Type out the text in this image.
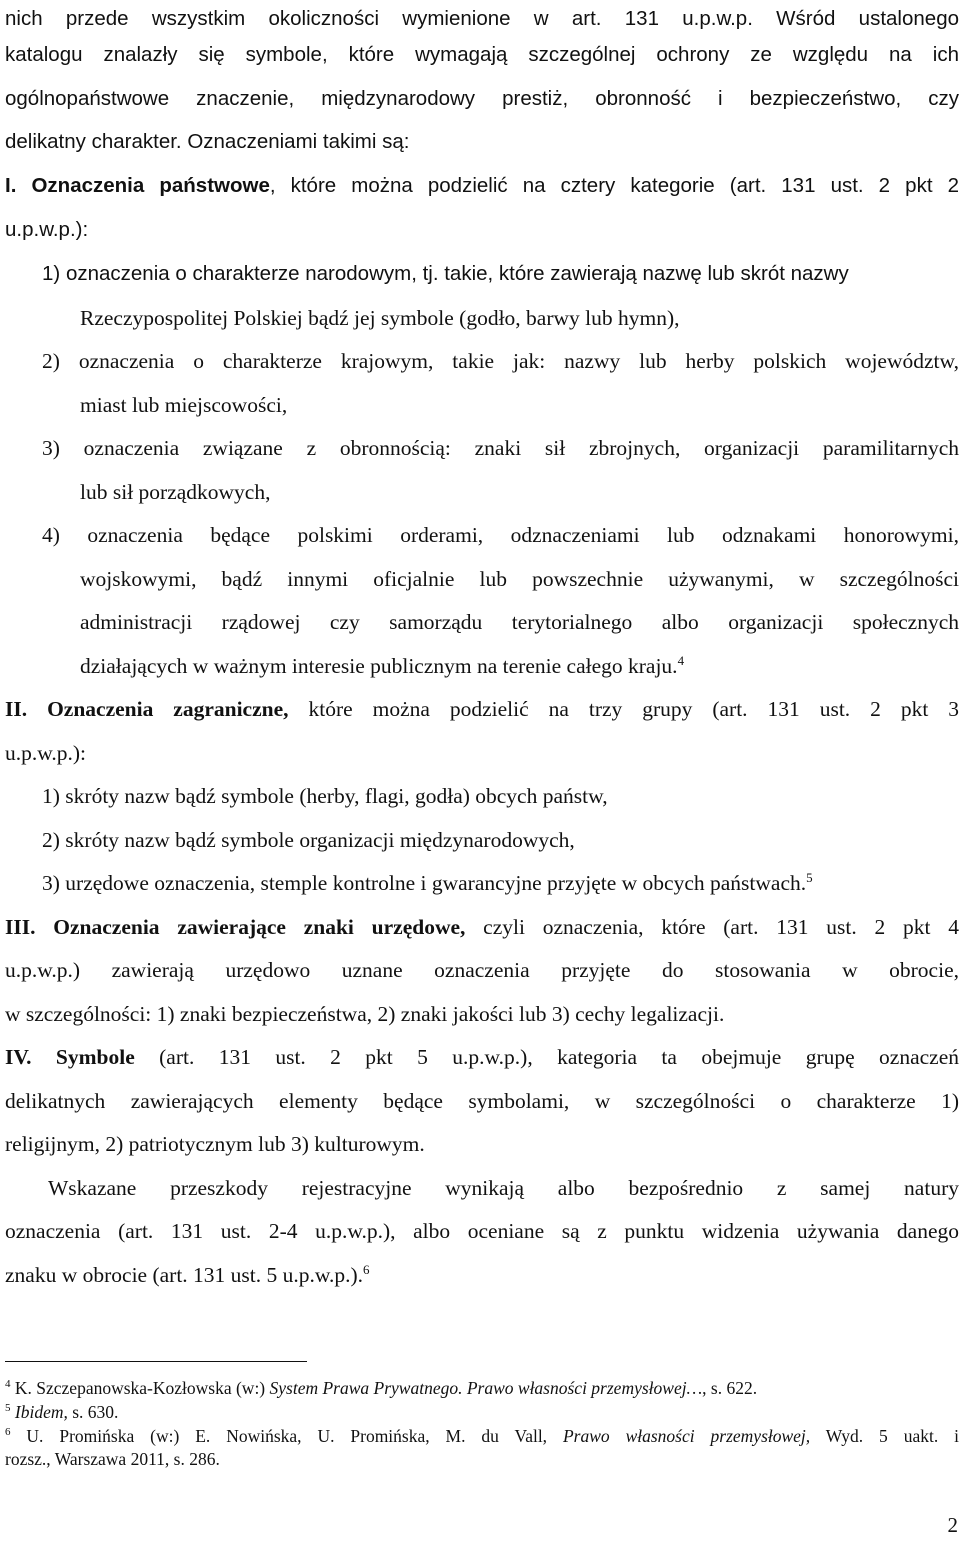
nich przede wszystkim okoliczności wymienione w art. 131 u.p.w.p. Wśród ustalonego

katalogu znalazły się symbole, które wymagają szczególnej ochrony ze względu na ich

ogólnopaństwowe znaczenie, międzynarodowy prestiż, obronność i bezpieczeństwo, czy

delikatny charakter. Oznaczeniami takimi są:

I. Oznaczenia państwowe, które można podzielić na cztery kategorie (art. 131 ust. 2 pkt 2

u.p.w.p.):

1) oznaczenia o charakterze narodowym, tj. takie, które zawierają nazwę lub skrót nazwy

Rzeczypospolitej Polskiej bądź jej symbole (godło, barwy lub hymn),

2) oznaczenia o charakterze krajowym, takie jak: nazwy lub herby polskich województw,

miast lub miejscowości,

3) oznaczenia związane z obronnością: znaki sił zbrojnych, organizacji paramilitarnych

lub sił porządkowych,

4) oznaczenia będące polskimi orderami, odznaczeniami lub odznakami honorowymi,

wojskowymi, bądź innymi oficjalnie lub powszechnie używanymi, w szczególności

administracji rządowej czy samorządu terytorialnego albo organizacji społecznych

działających w ważnym interesie publicznym na terenie całego kraju.$^4$

II. Oznaczenia zagraniczne, które można podzielić na trzy grupy (art. 131 ust. 2 pkt 3

u.p.w.p.):

1) skróty nazw bądź symbole (herby, flagi, godła) obcych państw,

2) skróty nazw bądź symbole organizacji międzynarodowych,

3) urzędowe oznaczenia, stemple kontrolne i gwarancyjne przyjęte w obcych państwach.$^5$

III. Oznaczenia zawierające znaki urzędowe, czyli oznaczenia, które (art. 131 ust. 2 pkt 4

u.p.w.p.) zawierają urzędowo uznane oznaczenia przyjęte do stosowania w obrocie,

w szczególności: 1) znaki bezpieczeństwa, 2) znaki jakości lub 3) cechy legalizacji.

IV. Symbole (art. 131 ust. 2 pkt 5 u.p.w.p.), kategoria ta obejmuje grupę oznaczeń

delikatnych zawierających elementy będące symbolami, w szczególności o charakterze 1)

religijnym, 2) patriotycznym lub 3) kulturowym.

Wskazane przeszkody rejestracyjne wynikają albo bezpośrednio z samej natury

oznaczenia (art. 131 ust. 2-4 u.p.w.p.), albo oceniane są z punktu widzenia używania danego

znaku w obrocie (art. 131 ust. 5 u.p.w.p.).$^6$

$^4$ K. Szczepanowska-Kozłowska (w:) System Prawa Prywatnego. Prawo własności przemysłowej…, s. 622.

$^5$ Ibidem, s. 630.

$^6$ U. Promińska (w:) E. Nowińska, U. Promińska, M. du Vall, Prawo własności przemysłowej, Wyd. 5 uakt. i

rozsz., Warszawa 2011, s. 286.

2
